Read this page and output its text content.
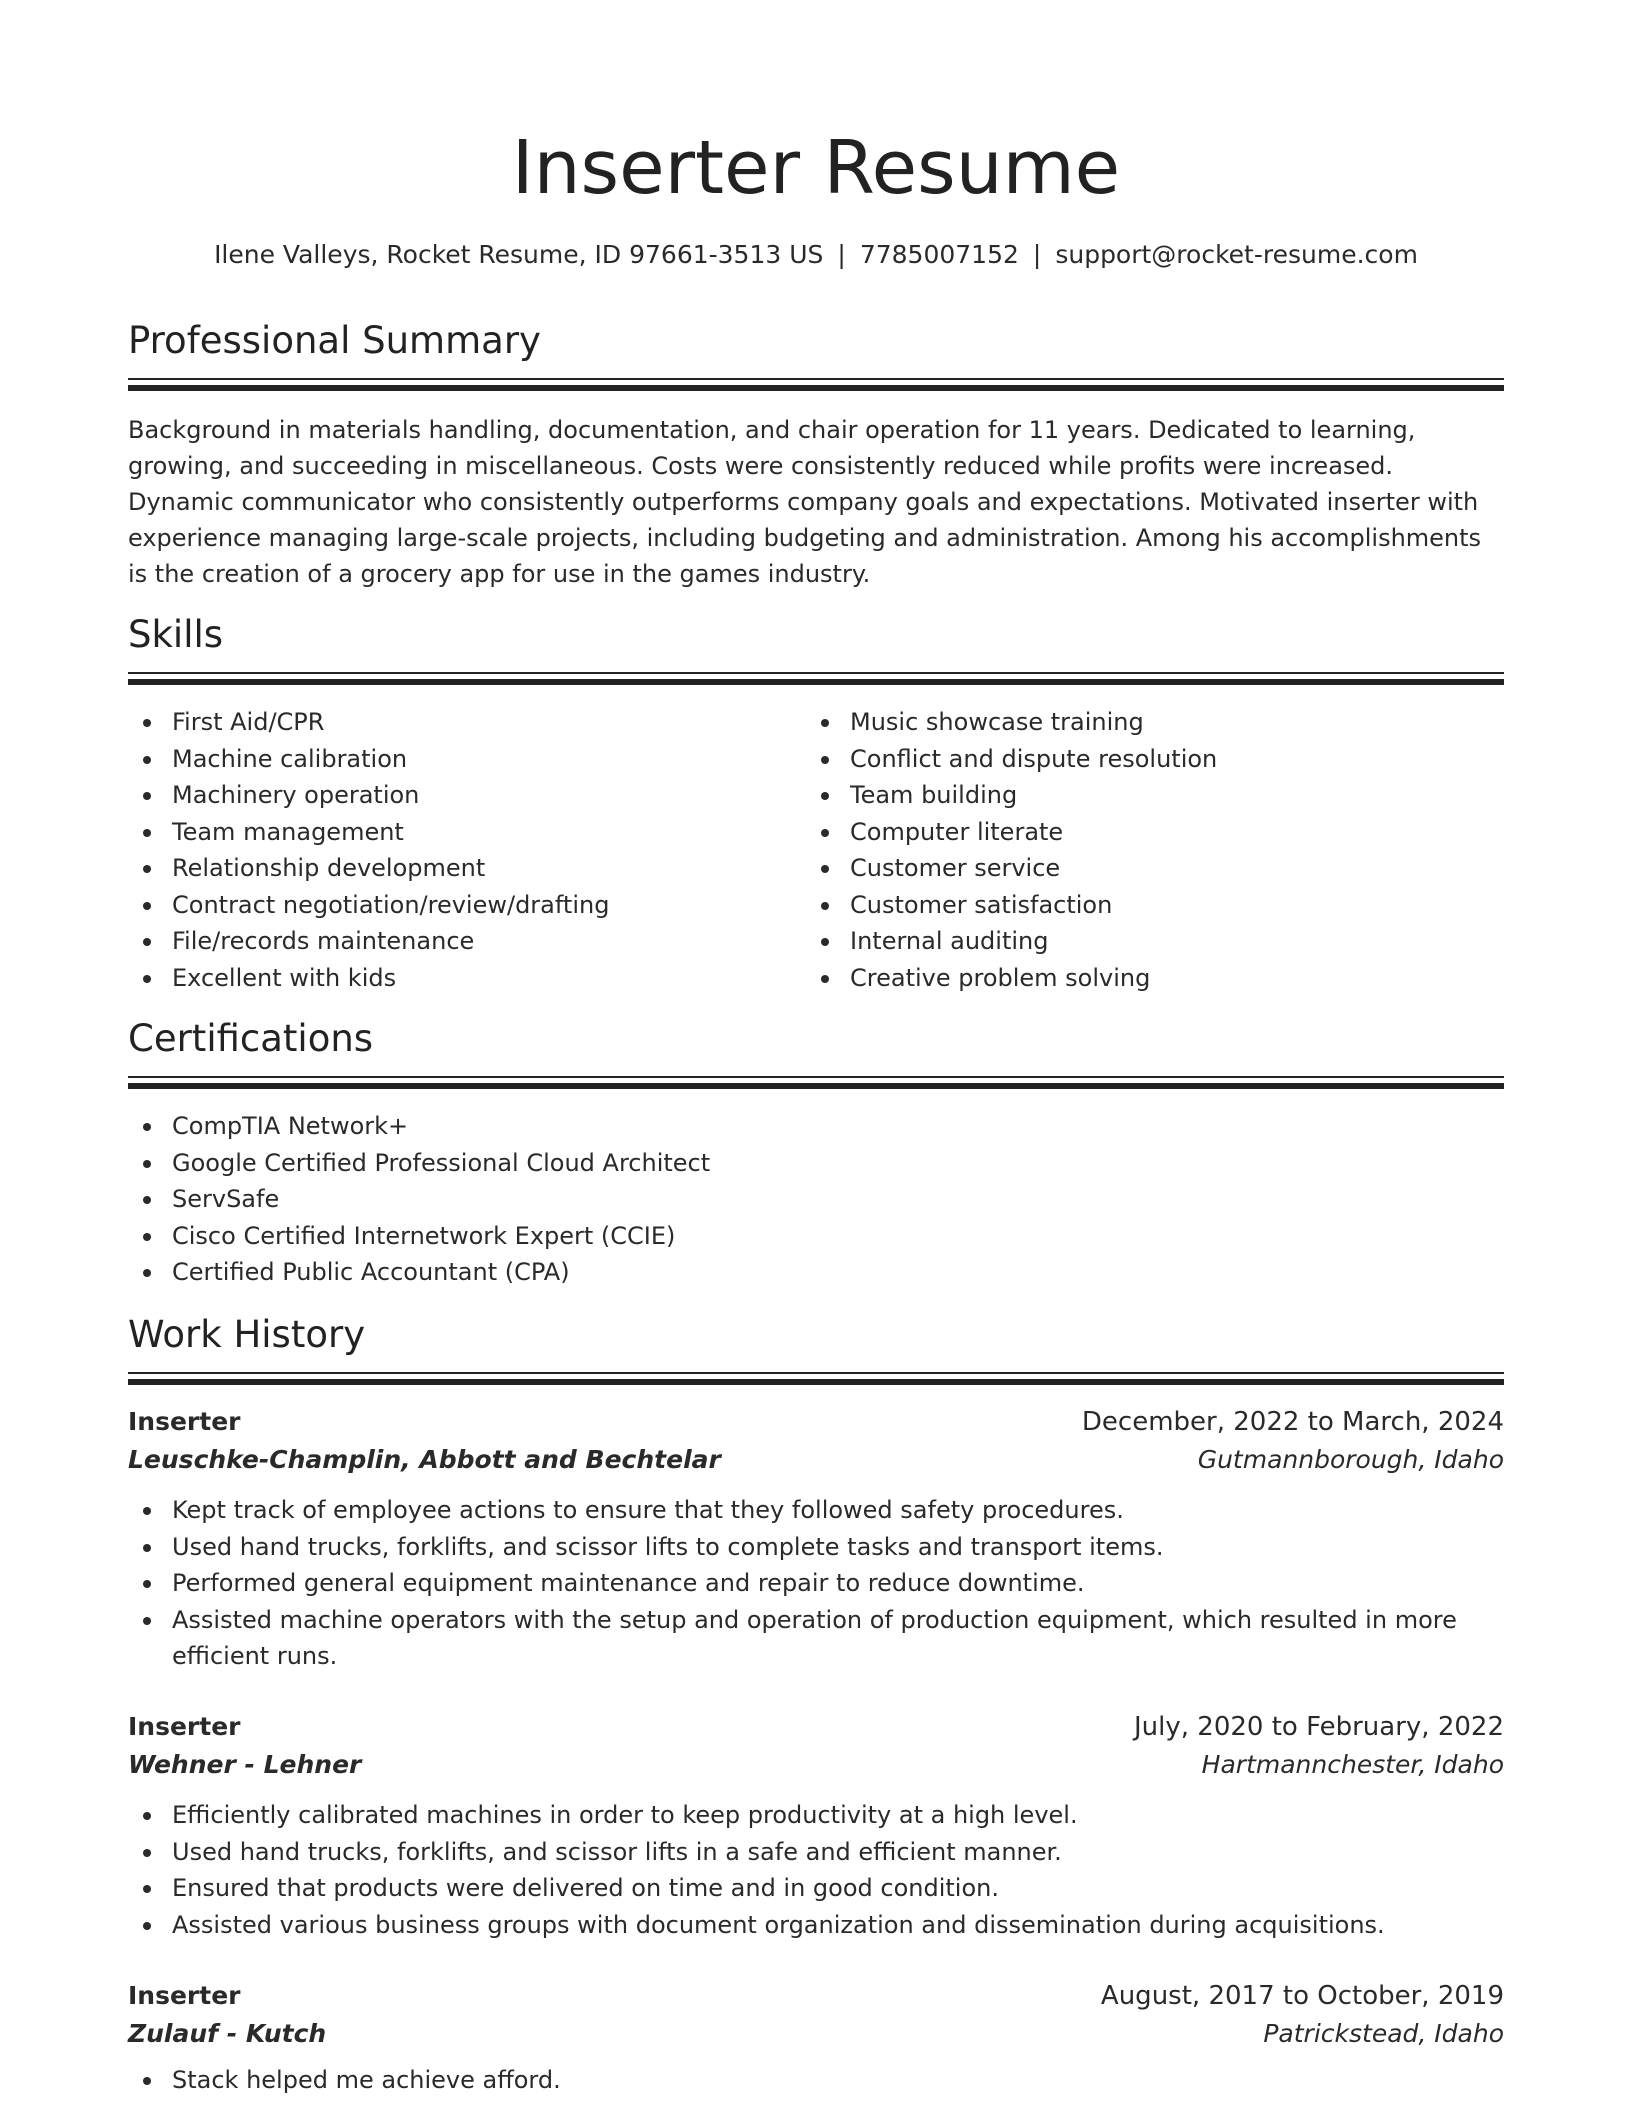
Inserter Resume
Ilene Valleys, Rocket Resume, ID 97661-3513 US | 7785007152 | support@rocket-resume.com
Professional Summary

Background in materials handling, documentation, and chair operation for 11 years. Dedicated to learning, growing, and succeeding in miscellaneous. Costs were consistently reduced while profits were increased. Dynamic communicator who consistently outperforms company goals and expectations. Motivated inserter with experience managing large-scale projects, including budgeting and administration. Among his accomplishments is the creation of a grocery app for use in the games industry.

Skills
First Aid/CPR
Machine calibration
Machinery operation
Team management
Relationship development
Contract negotiation/review/drafting
File/records maintenance
Excellent with kids
Music showcase training
Conflict and dispute resolution
Team building
Computer literate
Customer service
Customer satisfaction
Internal auditing
Creative problem solving
Certifications
CompTIA Network+
Google Certified Professional Cloud Architect
ServSafe
Cisco Certified Internetwork Expert (CCIE)
Certified Public Accountant (CPA)
Work History
Inserter	December, 2022 to March, 2024
Leuschke-Champlin, Abbott and Bechtelar	Gutmannborough, Idaho
Kept track of employee actions to ensure that they followed safety procedures.
Used hand trucks, forklifts, and scissor lifts to complete tasks and transport items.
Performed general equipment maintenance and repair to reduce downtime.
Assisted machine operators with the setup and operation of production equipment, which resulted in more efficient runs.
Inserter	July, 2020 to February, 2022
Wehner - Lehner	Hartmannchester, Idaho
Efficiently calibrated machines in order to keep productivity at a high level.
Used hand trucks, forklifts, and scissor lifts in a safe and efficient manner.
Ensured that products were delivered on time and in good condition.
Assisted various business groups with document organization and dissemination during acquisitions.
Inserter	August, 2017 to October, 2019
Zulauf - Kutch	Patrickstead, Idaho
Stack helped me achieve afford.
